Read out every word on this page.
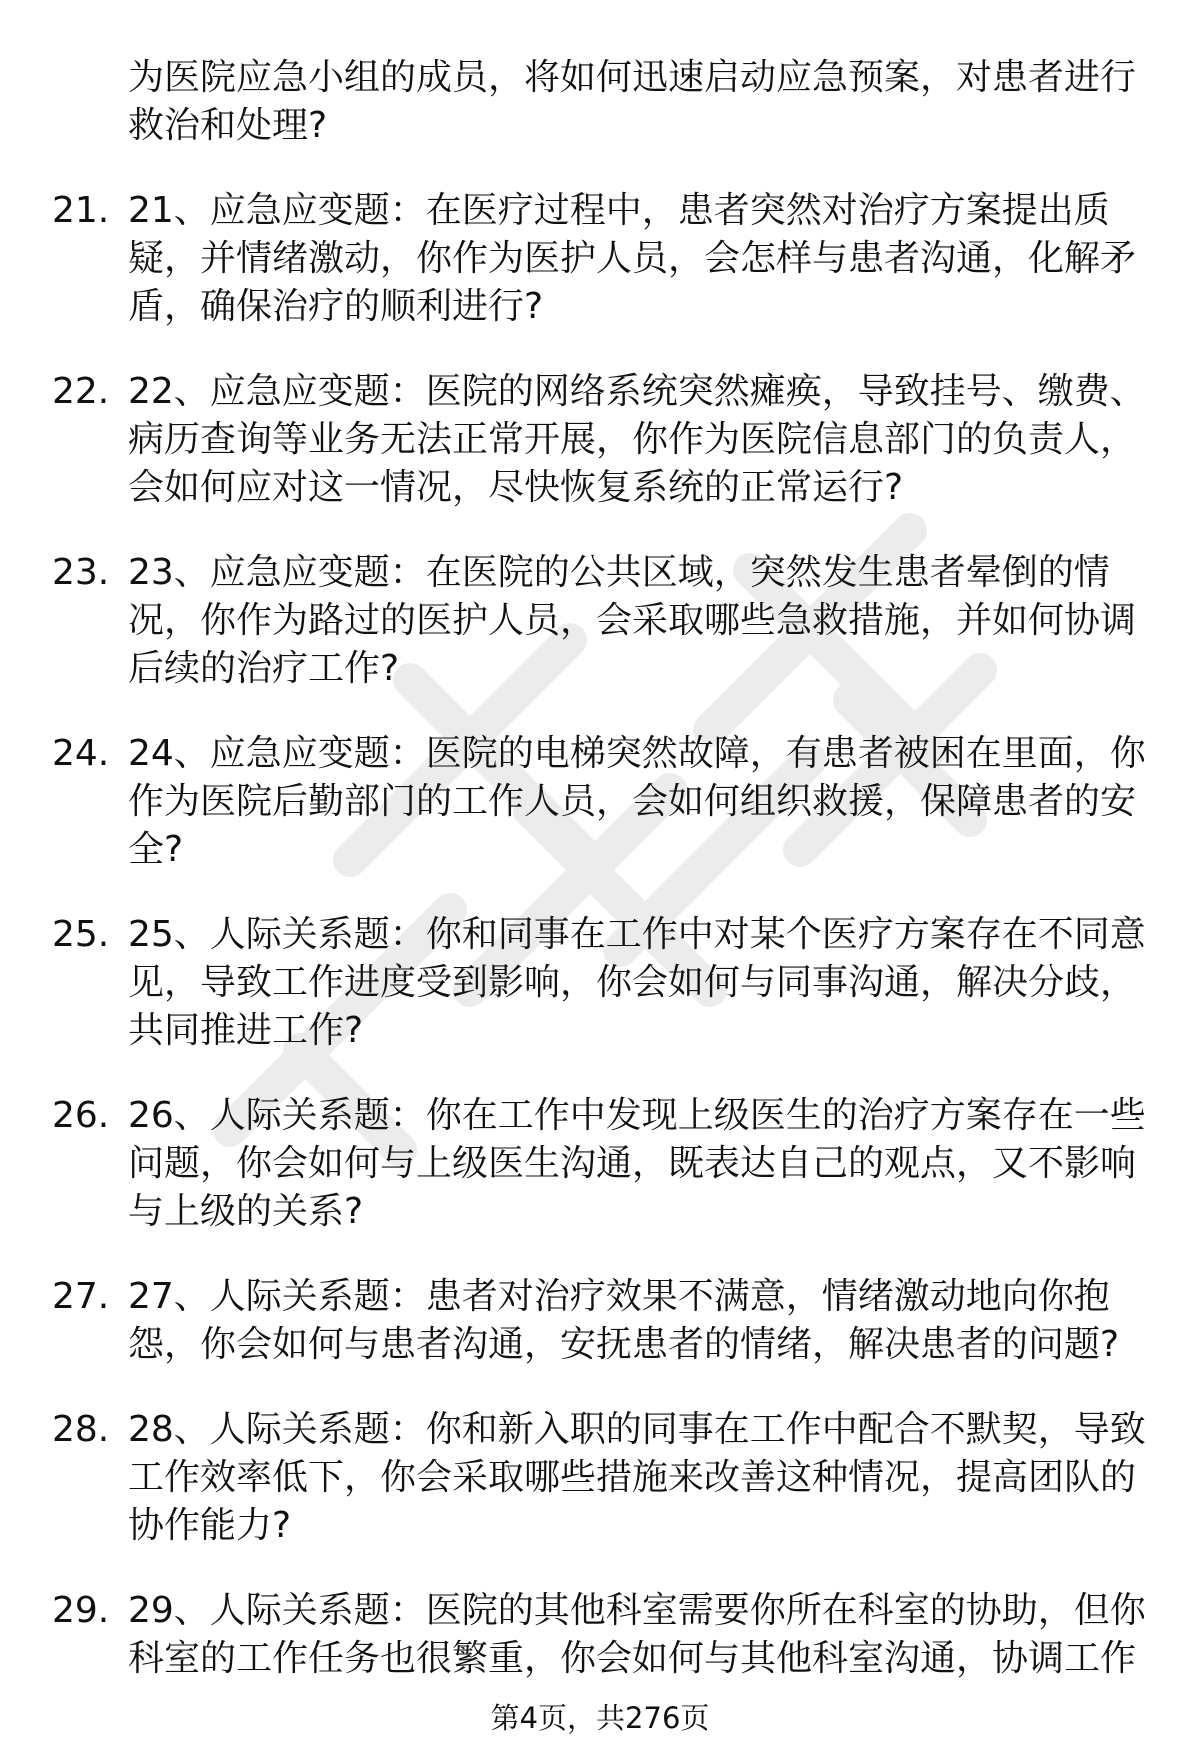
为医院应急小组的成员，将如何迅速启动应急预案，对患者进行救治和处理?
21. 21、应急应变题：在医疗过程中，患者突然对治疗方案提出质疑，并情绪激动，你作为医护人员，会怎样与患者沟通，化解矛盾，确保治疗的顺利进行?
22. 22、应急应变题：医院的网络系统突然瘫痪，导致挂号、缴费、病历查询等业务无法正常开展，你作为医院信息部门的负责人，会如何应对这一情况，尽快恢复系统的正常运行?
23. 23、应急应变题：在医院的公共区域，突然发生患者晕倒的情况，你作为路过的医护人员，会采取哪些急救措施，并如何协调后续的治疗工作?
24. 24、应急应变题：医院的电梯突然故障，有患者被困在里面，你作为医院后勤部门的工作人员，会如何组织救援，保障患者的安全?
25. 25、人际关系题：你和同事在工作中对某个医疗方案存在不同意见，导致工作进度受到影响，你会如何与同事沟通，解决分歧，共同推进工作?
26. 26、人际关系题：你在工作中发现上级医生的治疗方案存在一些问题，你会如何与上级医生沟通，既表达自己的观点，又不影响与上级的关系?
27. 27、人际关系题：患者对治疗效果不满意，情绪激动地向你抱怨，你会如何与患者沟通，安抚患者的情绪，解决患者的问题?
28. 28、人际关系题：你和新入职的同事在工作中配合不默契，导致工作效率低下，你会采取哪些措施来改善这种情况，提高团队的协作能力?
29. 29、人际关系题：医院的其他科室需要你所在科室的协助，但你科室的工作任务也很繁重，你会如何与其他科室沟通，协调工作
第4页，共276页
